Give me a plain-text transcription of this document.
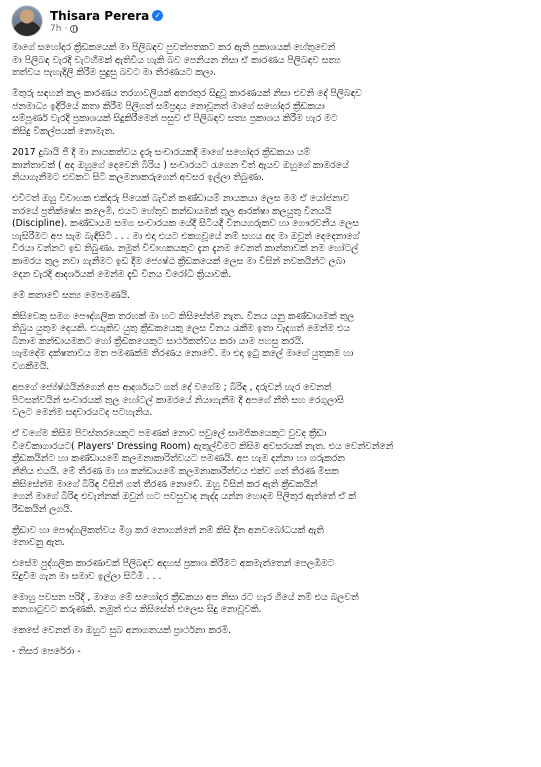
Thisara Perera ✓
7h ·

මාගේ සහෝදර ක්‍රීඩකයෙක් මා පිලිබඳව පුවත්පතකට කර ඇති ප්‍රකාශයක් හේතුවෙන්
මා පිලිබඳ වැරදි වැටහීමක් ඇතිවිය හැකි බව පෙනියන නිසා ඒ කාරණය පිලිබඳව සත්‍ය
තත්වය පැහැදිලි කිරීම සුදුසු බවට මා තීරණයට කලා.

මිතුරු සඳහන් කල කාරණය තරගාවලියක් අතරතුර සිදුවූ කාරණයක් නිසා එවනි දේ පිලිබඳව
ජනමාධ්‍ය ඉදිරියේ කතා කිරීම පිලිගත් සම්ප්‍රදාය නොවූනත් මාගේ සහෝදර ක්‍රීඩකයා
සම්පූර්ණ වැරදි ප්‍රකාශයක් සිදුකිරීමෙන් පසුව ඒ පිලිබඳව සත්‍ය ප්‍රකාශය කිරීම හැර මට
කිසිදු විකල්පයක් නොමැත.

2017 දුබායි ජී දී මා නායකත්වය දැරූ සංචාරයකදී මාගේ සහෝදර ක්‍රීඩකයා යම්
කාන්තාවක් ( අද ඔහුගේ දෙවෙනි බිරිය ) සංචාරයට රැගෙන විත් ඇයව ඔහුගේ කාමරයේ
නියාගැනීමට එවකට සිටි කලමනාකරුගෙන් අවසර ඉල්ලා තිබුණා.

එවිටත් ඔහු විවාහක එක්දරු පියෙක් බැවින් කණ්ඩායම් නායකයා ලෙස මම ඒ යෝජනාව
තරයේ ප්‍රතික්ෂේප කලෙමි. එයට හේතුව කන්ඩායමක් තුල ආරක්ෂා කලයුතු විනයයි
(Discipline). කණ්ඩායම සමග සංචාරයක යේදී සිටියදී විනයගරුකව හා ගෞරවනීය ලෙස
හැසිරීමට අප සැම බැඳීසිටී . . . මා එදා එයට එකගවූයේ නම් සහය අද මා ඔවුන් දෙදෙනාගේ
විරයා වන්නට ඉඩ තිබුණා. නමුත් විවාහකයකුට දැන දැනම වෙනත් කාන්තාවක් නම හෝටල්
කාමරය තුල නවා ගැනීමට ඉඩ දීම ජ්‍යෙෂ්ඨ ක්‍රීඩකයෙක් ලෙස මා විසින් නවකයින්ට ලබා
දෙන වැරදි ආදර්ශයක් මෙන්ම දැඩි විනය විරෝධී ක්‍රියාවකි.

මේ කතාවේ සත්‍ය මෙපමණයි.

කිසිවෙකු සමග පෞද්ගලික තරහක් මා හට කිසිසේත්ම නැත. විනය යනු කණ්ඩායමක් තුල
තිබුය යුතුම දෙයකි. එයැකිව යුතු ක්‍රීඩකයෙකු ලෙස විනය රැකීම ඉතා වැදගත් මෙන්ම එය
බිනාම කන්ඩායමකට හෝ ක්‍රීඩකයෙකුට සාර්ථකත්වය කරා යාම පහසු කරයි.
හැමදේම දක්ෂතාවය මත පමණක්ම තීරණය නොවේ. මා එදා ඉටු කලේ මාගේ යුතුකම හා
වගකීමයි.

අපගේ ජ්‍යේෂ්ඨයින්ගෙන් අප ආදර්ශයට ගත් දේ වගේම ; බිරිඳ , දරුවන් හැර වෙනත්
පිටසත්වයින් සංචාරයක් තුල හෝටල් කාමරයේ නියාගැනීම දී අපගේ නීති සහ රෙගුලාසි
වලට මෙන්ම සදාචාරයටද පටහැනිය.

ඒ වගේම කිසිම පිටස්තරයෙකුට පමණක් නොව පවුලේ සාමජිකයෙකුට වුවද ක්‍රීඩා
විවේකාගාරයට( Players' Dressing Room) ඇතුල්වීමට කිසිම අවසරයක් නැත. එය වෙන්වන්නේ
ක්‍රීඩකයින්ට හා කණ්ඩායමේ කලමනාකාරිත්වයට පමණයි. අප හැම දන්නා හා ගරුකරන
නීතිය එයයි. මේ තීරණ මා හා කන්ඩායමේ කලමනාකාරීත්වය එක්ව ගත් තීරණ මිසක
කිසිසේත්ම මාගේ බිරිඳ විසින් ගත් තීරණ නොවේ. ඔහු විසින් කර ඇති ක්‍රීඩකයින්
ගෙන් මාගේ බිරිඳ එවැන්නක් ඔවුන් හට පවසුවාද නැද්ද යන්න හොදම පිලිතුර ඇත්තේ ඒ ක්
රීඩකයින් ලගයි.

ක්‍රීඩාව හා පෞද්ගලිකත්වය මිශ්‍ර කර නොගන්නේ නම් කිසි දින අනවබෝධයක් ඇති
නොවනු ඇත.

එසේම පුද්ගලික කාරණාවක් පිලිබඳව අදහස් ප්‍රකාශ කිරීමට අකමැත්තෙන් පෙලඹීමට
සිදුවීම ගැන මා සමාව ඉල්ලා සිටිමි . . .

මොහු පවසන පරිදි , මාගෙ මේ සහෝදර ක්‍රීඩකයා අප නිසා රට හැර ගියේ නම් එය බලවත්
කනගාටුවට කරුණකි. නමුත් එය කිසිසේත් එලෙස සිදු නොවූවකි.

කෙසේ වෙනත් මා ඔහුට සුබ අනාගතයක් ප්‍රාර්ථනා කරමි.

- තිසර පෙරේරා -
